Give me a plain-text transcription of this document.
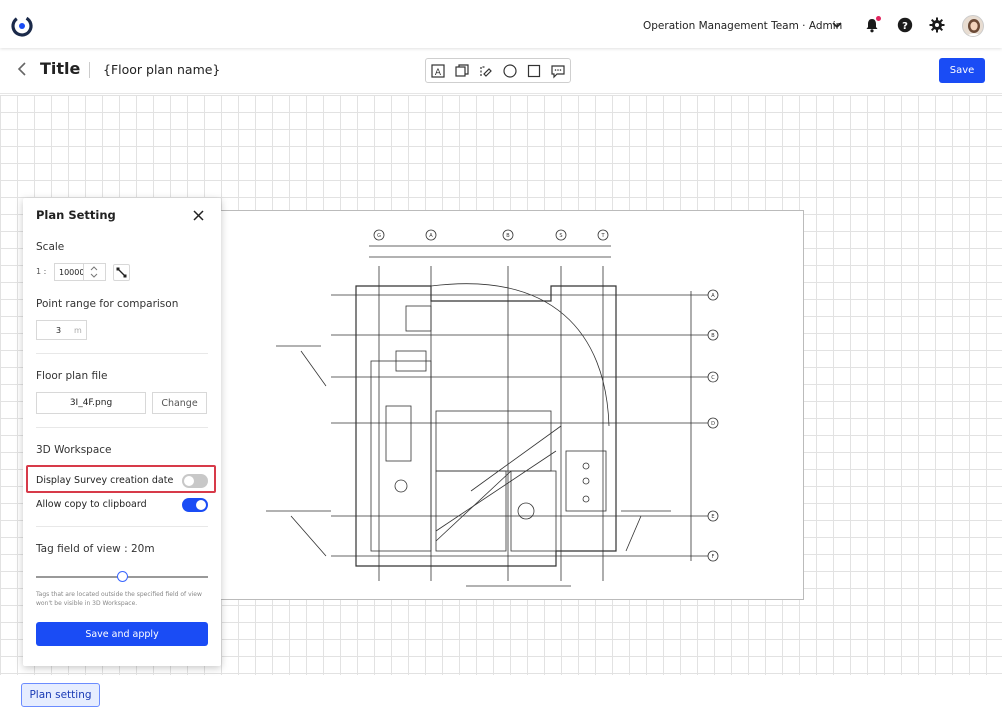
Operation Management Team · Admin	?
Title {Floor plan name}	A	Save
G	A	B	S	T
A
B
C
D
E
F
Plan Setting
Scale
1 :	10000
Point range for comparison
3 m
Floor plan file
3I_4F.png	Change
3D Workspace
Display Survey creation date
Allow copy to clipboard
Tag field of view : 20m
Tags that are located outside the specified field of view won't be visible in 3D Workspace.
Save and apply
Plan setting
